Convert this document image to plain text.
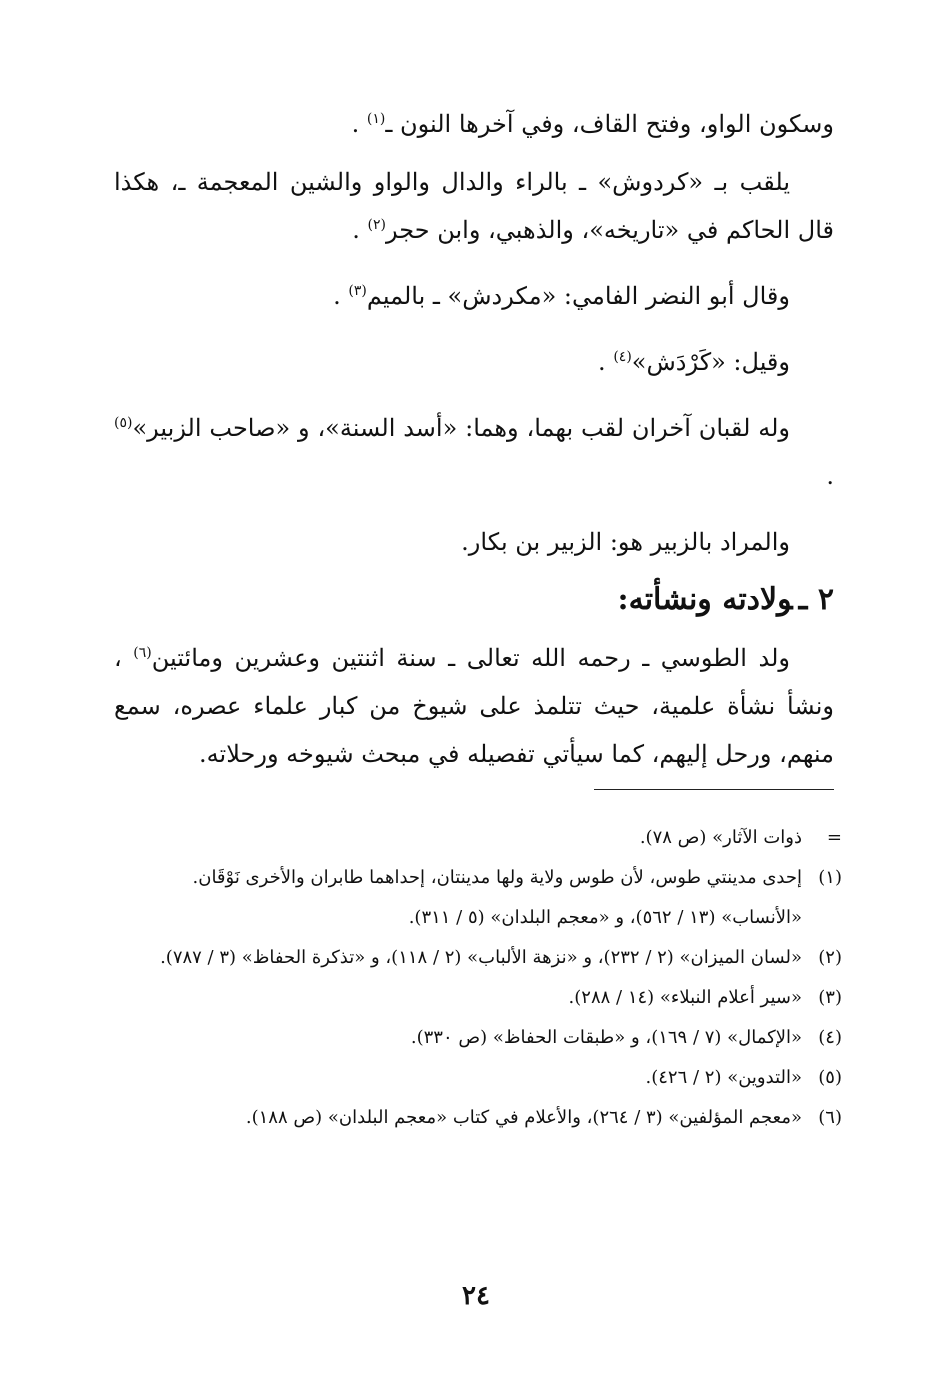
وسكون الواو، وفتح القاف، وفي آخرها النون ـ$^{(١)}$ .

يلقب بـ «كردوش» ـ بالراء والدال والواو والشين المعجمة ـ، هكذا قال الحاكم في «تاريخه»، والذهبي، وابن حجر$^{(٢)}$ .

وقال أبو النضر الفامي: «مكردش» ـ بالميم$^{(٣)}$ .

وقيل: «كَرْدَش»$^{(٤)}$ .

وله لقبان آخران لقب بهما، وهما: «أسد السنة»، و «صاحب الزبير»$^{(٥)}$ .

والمراد بالزبير هو: الزبير بن بكار.

٢ ـولادته ونشأته:

ولد الطوسي ـ رحمه الله تعالى ـ سنة اثنتين وعشرين ومائتين$^{(٦)}$ ، ونشأ نشأة علمية، حيث تتلمذ على شيوخ من كبار علماء عصره، سمع منهم، ورحل إليهم، كما سيأتي تفصيله في مبحث شيوخه ورحلاته.

=
ذوات الآثار» (ص ٧٨).
(١)
إحدى مدينتي طوس، لأن طوس ولاية ولها مدينتان، إحداهما طابران والأخرى نَوْقَان.
«الأنساب» (١٣ / ٥٦٢)، و «معجم البلدان» (٥ / ٣١١).
(٢)
«لسان الميزان» (٢ / ٢٣٢)، و «نزهة الألباب» (٢ / ١١٨)، و «تذكرة الحفاظ» (٣ / ٧٨٧).
(٣)
«سير أعلام النبلاء» (١٤ / ٢٨٨).
(٤)
«الإكمال» (٧ / ١٦٩)، و «طبقات الحفاظ» (ص ٣٣٠).
(٥)
«التدوين» (٢ / ٤٢٦).
(٦)
«معجم المؤلفين» (٣ / ٢٦٤)، والأعلام في كتاب «معجم البلدان» (ص ١٨٨).
٢٤
